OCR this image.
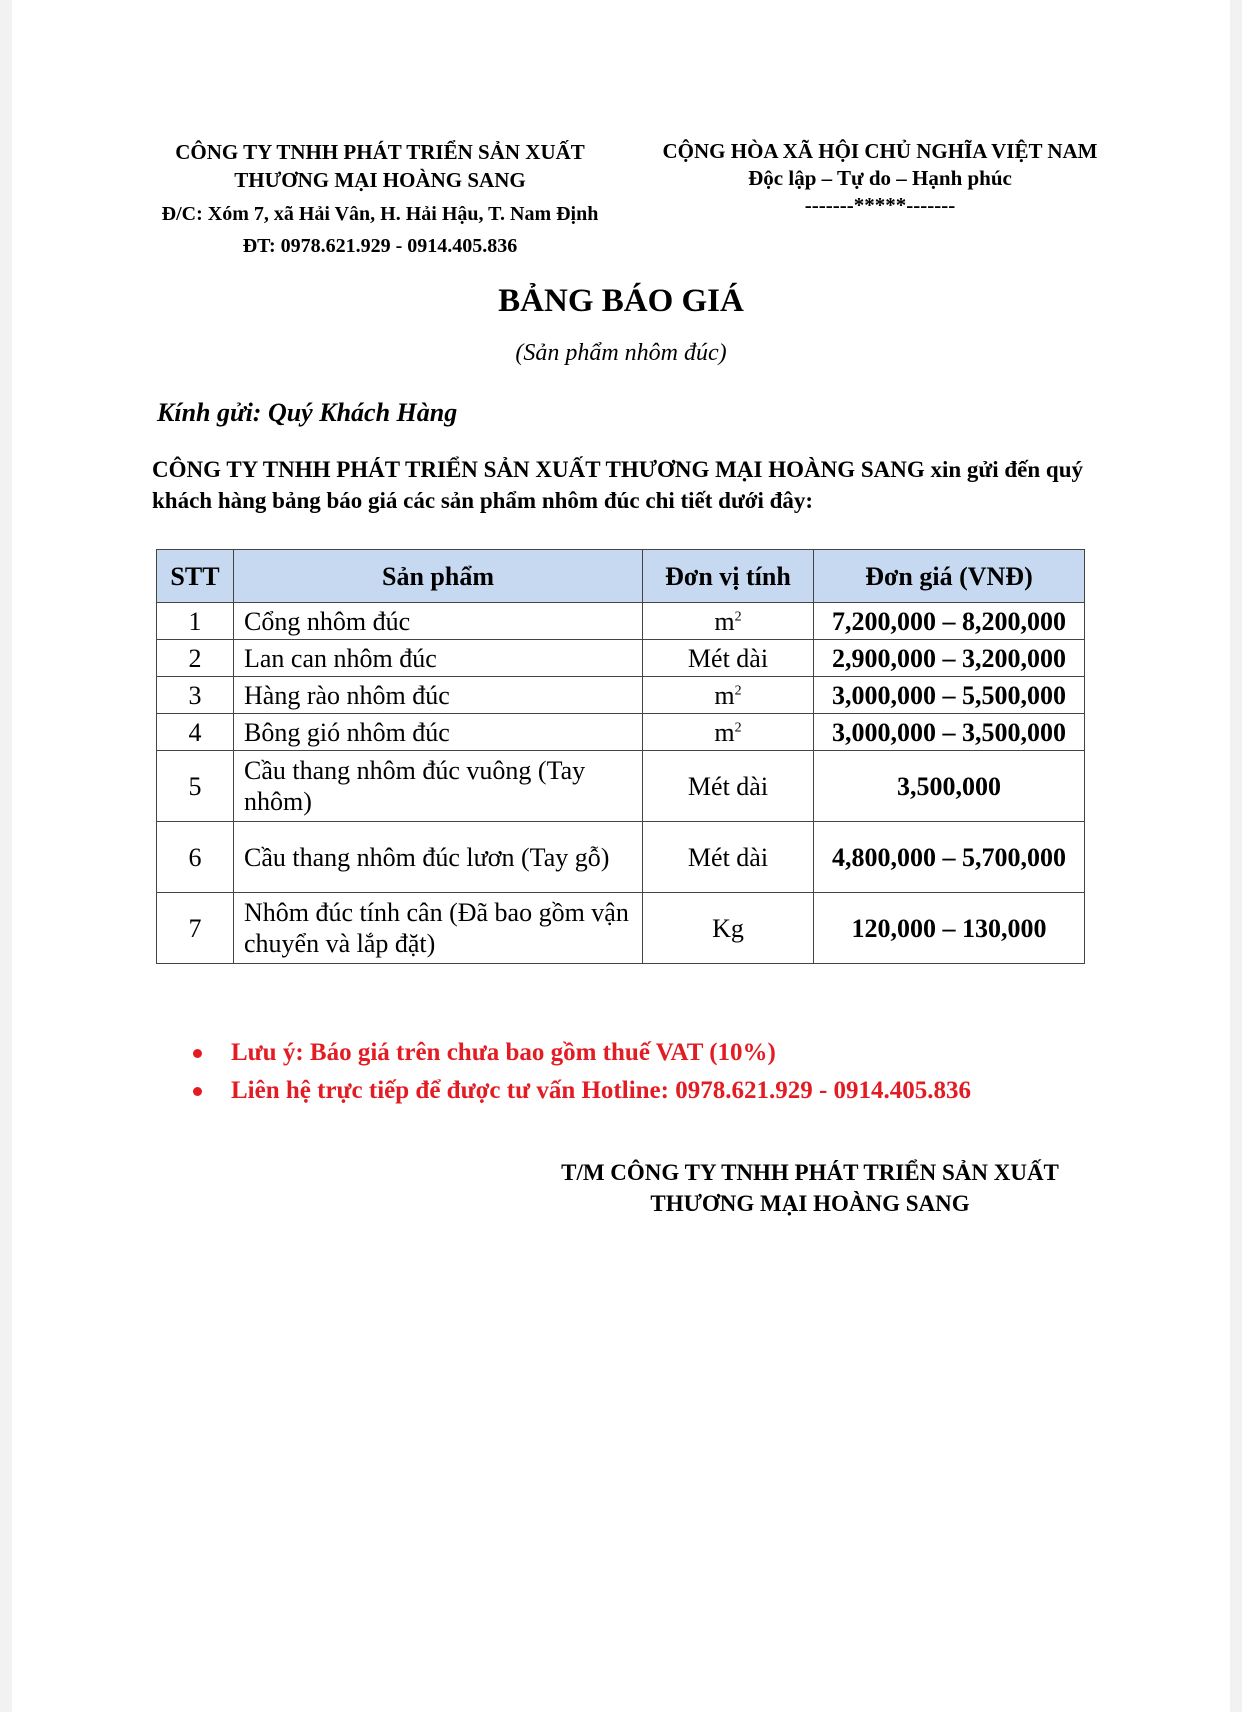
CÔNG TY TNHH PHÁT TRIỂN SẢN XUẤT
THƯƠNG MẠI HOÀNG SANG
Đ/C: Xóm 7, xã Hải Vân, H. Hải Hậu, T. Nam Định
ĐT: 0978.621.929 - 0914.405.836
CỘNG HÒA XÃ HỘI CHỦ NGHĨA VIỆT NAM
Độc lập – Tự do – Hạnh phúc
-------*****-------
BẢNG BÁO GIÁ
(Sản phẩm nhôm đúc)
Kính gửi: Quý Khách Hàng
CÔNG TY TNHH PHÁT TRIỂN SẢN XUẤT THƯƠNG MẠI HOÀNG SANG xin gửi đến quý khách hàng bảng báo giá các sản phẩm nhôm đúc chi tiết dưới đây:
STT	Sản phẩm	Đơn vị tính	Đơn giá (VNĐ)
1	Cổng nhôm đúc	$m^2$	7,200,000 – 8,200,000
2	Lan can nhôm đúc	Mét dài	2,900,000 – 3,200,000
3	Hàng rào nhôm đúc	$m^2$	3,000,000 – 5,500,000
4	Bông gió nhôm đúc	$m^2$	3,000,000 – 3,500,000
5	Cầu thang nhôm đúc vuông (Tay nhôm)	Mét dài	3,500,000
6	Cầu thang nhôm đúc lươn (Tay gỗ)	Mét dài	4,800,000 – 5,700,000
7	Nhôm đúc tính cân (Đã bao gồm vận chuyển và lắp đặt)	Kg	120,000 – 130,000
Lưu ý: Báo giá trên chưa bao gồm thuế VAT (10%)
Liên hệ trực tiếp để được tư vấn Hotline: 0978.621.929 - 0914.405.836
T/M CÔNG TY TNHH PHÁT TRIỂN SẢN XUẤT
THƯƠNG MẠI HOÀNG SANG
